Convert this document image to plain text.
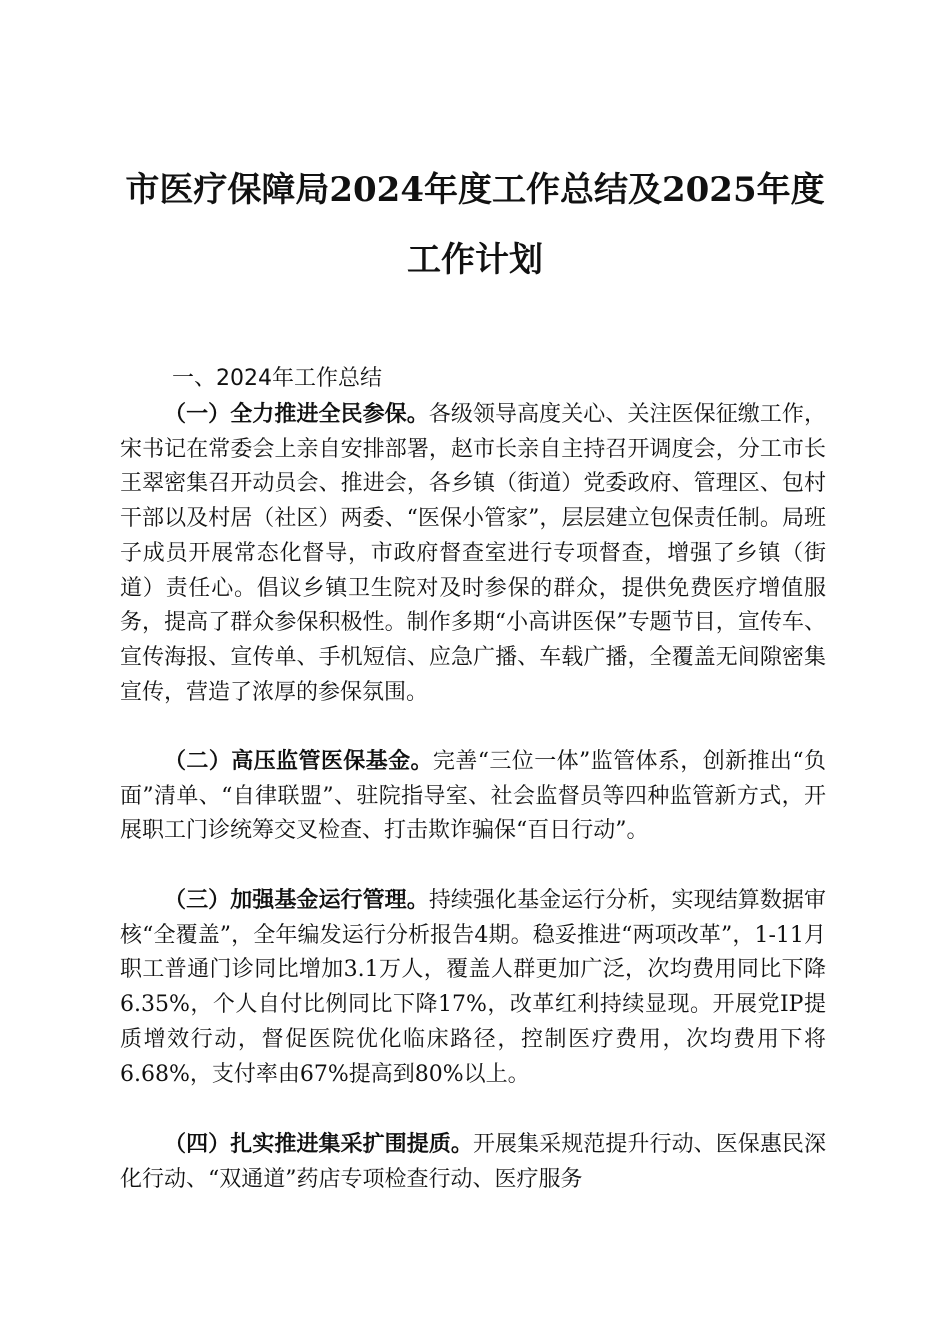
市医疗保障局2024年度工作总结及2025年度
工作计划
一、2024年工作总结

（一）全力推进全民参保。各级领导高度关心、关注医保征缴工作，宋书记在常委会上亲自安排部署，赵市长亲自主持召开调度会，分工市长王翠密集召开动员会、推进会，各乡镇（街道）党委政府、管理区、包村干部以及村居（社区）两委、“医保小管家”，层层建立包保责任制。局班子成员开展常态化督导，市政府督查室进行专项督查，增强了乡镇（街道）责任心。倡议乡镇卫生院对及时参保的群众，提供免费医疗增值服务，提高了群众参保积极性。制作多期“小高讲医保”专题节目，宣传车、宣传海报、宣传单、手机短信、应急广播、车载广播，全覆盖无间隙密集宣传，营造了浓厚的参保氛围。

（二）高压监管医保基金。完善“三位一体”监管体系，创新推出“负面”清单、“自律联盟”、驻院指导室、社会监督员等四种监管新方式，开展职工门诊统筹交叉检查、打击欺诈骗保“百日行动”。

（三）加强基金运行管理。持续强化基金运行分析，实现结算数据审核“全覆盖”，全年编发运行分析报告4期。稳妥推进“两项改革”，1-11月职工普通门诊同比增加3.1万人，覆盖人群更加广泛，次均费用同比下降6.35%，个人自付比例同比下降17%，改革红利持续显现。开展党IP提质增效行动，督促医院优化临床路径，控制医疗费用，次均费用下将6.68%，支付率由67%提高到80%以上。

（四）扎实推进集采扩围提质。开展集采规范提升行动、医保惠民深化行动、“双通道”药店专项检查行动、医疗服务
